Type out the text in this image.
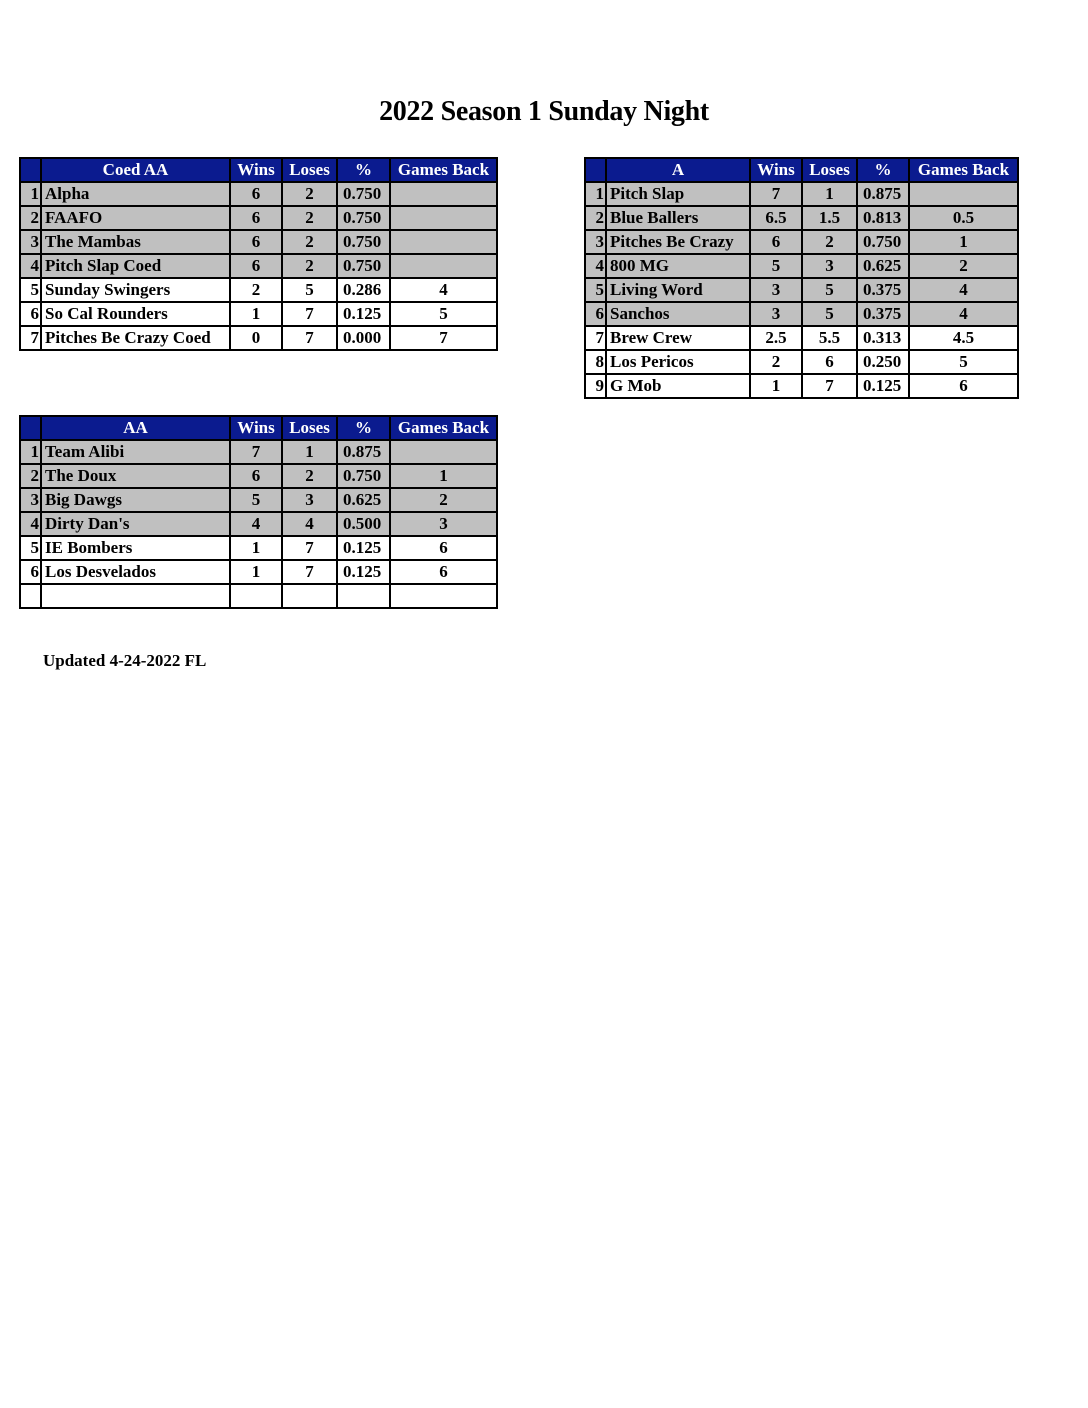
2022 Season 1 Sunday Night
	Coed AA	Wins	Loses	%	Games Back
1	Alpha	6	2	0.750	
2	FAAFO	6	2	0.750	
3	The Mambas	6	2	0.750	
4	Pitch Slap Coed	6	2	0.750	
5	Sunday Swingers	2	5	0.286	4
6	So Cal Rounders	1	7	0.125	5
7	Pitches Be Crazy Coed	0	7	0.000	7
	A	Wins	Loses	%	Games Back
1	Pitch Slap	7	1	0.875	
2	Blue Ballers	6.5	1.5	0.813	0.5
3	Pitches Be Crazy	6	2	0.750	1
4	800 MG	5	3	0.625	2
5	Living Word	3	5	0.375	4
6	Sanchos	3	5	0.375	4
7	Brew Crew	2.5	5.5	0.313	4.5
8	Los Pericos	2	6	0.250	5
9	G Mob	1	7	0.125	6
	AA	Wins	Loses	%	Games Back
1	Team Alibi	7	1	0.875	
2	The Doux	6	2	0.750	1
3	Big Dawgs	5	3	0.625	2
4	Dirty Dan's	4	4	0.500	3
5	IE Bombers	1	7	0.125	6
6	Los Desvelados	1	7	0.125	6

Updated 4-24-2022 FL
